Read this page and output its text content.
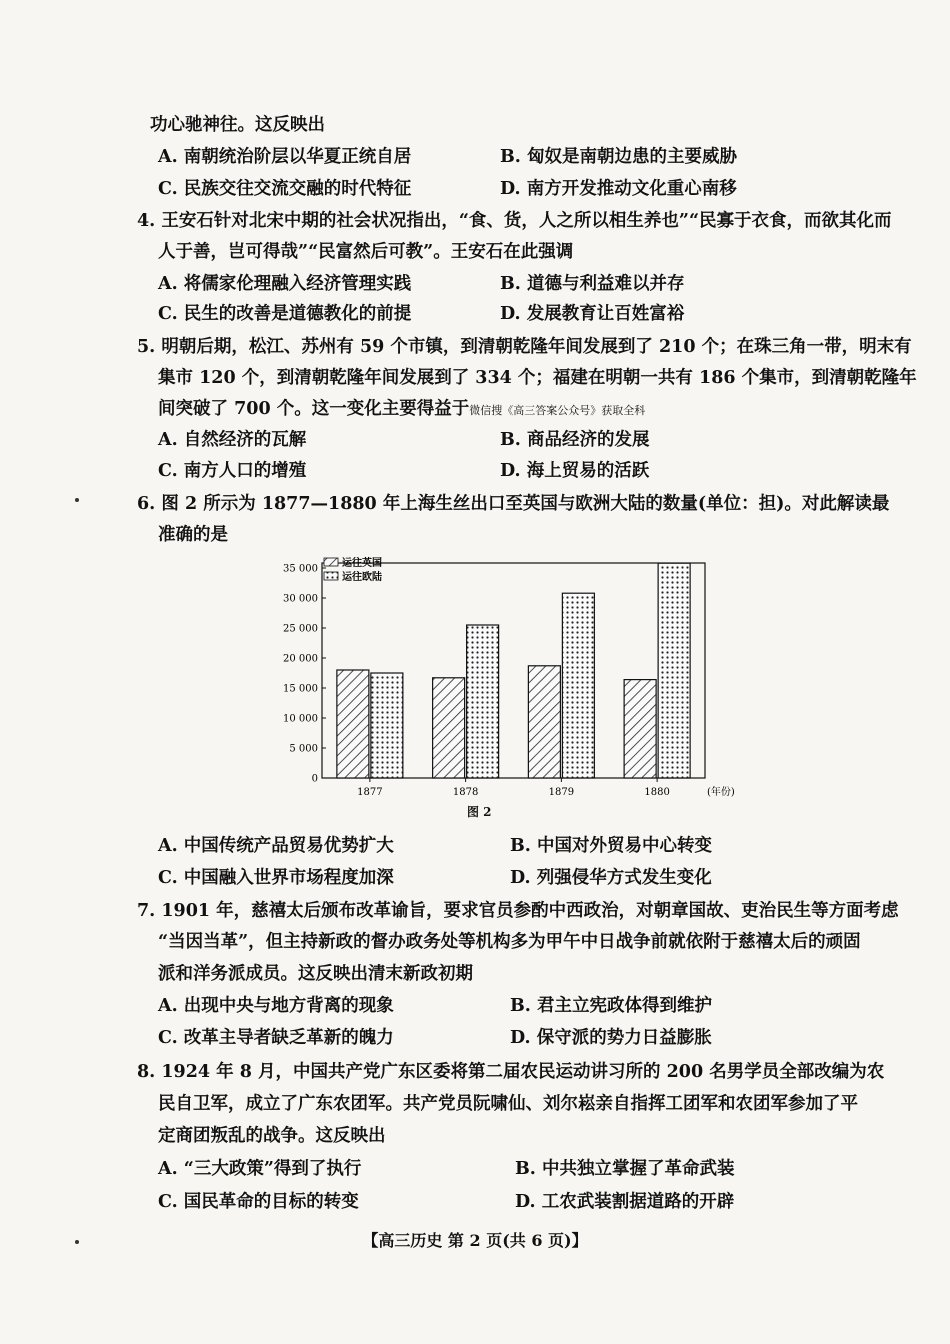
功心驰神往。这反映出
A. 南朝统治阶层以华夏正统自居	B. 匈奴是南朝边患的主要威胁
C. 民族交往交流交融的时代特征	D. 南方开发推动文化重心南移
4. 王安石针对北宋中期的社会状况指出，“食、货，人之所以相生养也”“民寡于衣食，而欲其化而
人于善，岂可得哉”“民富然后可教”。王安石在此强调
A. 将儒家伦理融入经济管理实践	B. 道德与利益难以并存
C. 民生的改善是道德教化的前提	D. 发展教育让百姓富裕
5. 明朝后期，松江、苏州有 59 个市镇，到清朝乾隆年间发展到了 210 个；在珠三角一带，明末有
集市 120 个，到清朝乾隆年间发展到了 334 个；福建在明朝一共有 186 个集市，到清朝乾隆年
间突破了 700 个。这一变化主要得益于微信搜《高三答案公众号》获取全科
A. 自然经济的瓦解	B. 商品经济的发展
C. 南方人口的增殖	D. 海上贸易的活跃
6. 图 2 所示为 1877—1880 年上海生丝出口至英国与欧洲大陆的数量(单位：担)。对此解读最
准确的是
0
5 000
10 000
15 000
20 000
25 000
30 000
35 000
1877	1878	1879	1880	(年份)
运往英国
运往欧陆
图 2
A. 中国传统产品贸易优势扩大	B. 中国对外贸易中心转变
C. 中国融入世界市场程度加深	D. 列强侵华方式发生变化
7. 1901 年，慈禧太后颁布改革谕旨，要求官员参酌中西政治，对朝章国故、吏治民生等方面考虑
“当因当革”，但主持新政的督办政务处等机构多为甲午中日战争前就依附于慈禧太后的顽固
派和洋务派成员。这反映出清末新政初期
A. 出现中央与地方背离的现象	B. 君主立宪政体得到维护
C. 改革主导者缺乏革新的魄力	D. 保守派的势力日益膨胀
8. 1924 年 8 月，中国共产党广东区委将第二届农民运动讲习所的 200 名男学员全部改编为农
民自卫军，成立了广东农团军。共产党员阮啸仙、刘尔崧亲自指挥工团军和农团军参加了平
定商团叛乱的战争。这反映出
A. “三大政策”得到了执行	B. 中共独立掌握了革命武装
C. 国民革命的目标的转变	D. 工农武装割据道路的开辟
【高三历史 第 2 页(共 6 页)】
